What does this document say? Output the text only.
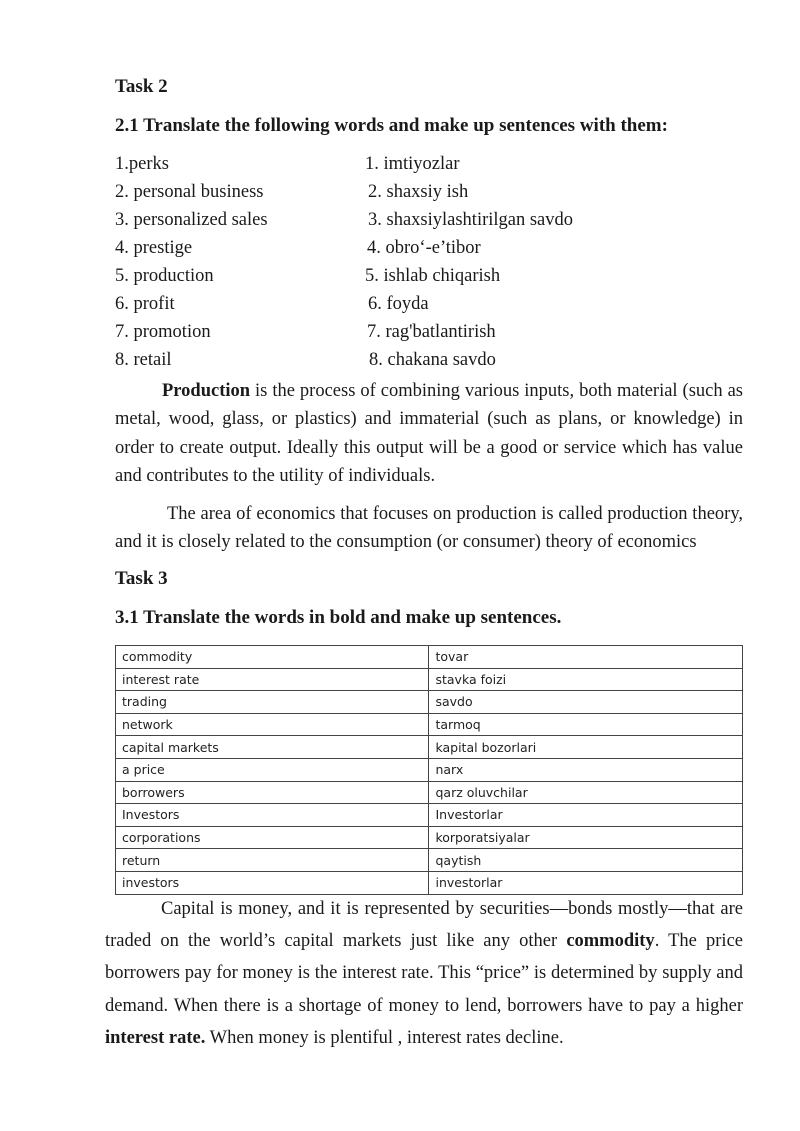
Task 2
2.1 Translate the following words and make up sentences with them:
1.perks	1. imtiyozlar
2. personal business	2. shaxsiy ish
3. personalized sales	3. shaxsiylashtirilgan savdo
4. prestige	4. obro‘-e’tibor
5. production	5. ishlab chiqarish
6. profit	6. foyda
7. promotion	7. rag'batlantirish
8. retail	8. chakana savdo

Production is the process of combining various inputs, both material (such as metal, wood, glass, or plastics) and immaterial (such as plans, or knowledge) in order to create output. Ideally this output will be a good or service which has value and contributes to the utility of individuals.

The area of economics that focuses on production is called production theory, and it is closely related to the consumption (or consumer) theory of economics

Task 3
3.1 Translate the words in bold and make up sentences.
commodity	tovar
interest rate	stavka foizi
trading	savdo
network	tarmoq
capital markets	kapital bozorlari
a price	narx
borrowers	qarz oluvchilar
Investors	Investorlar
corporations	korporatsiyalar
return	qaytish
investors	investorlar

Capital is money, and it is represented by securities—bonds mostly—that are traded on the world’s capital markets just like any other commodity. The price borrowers pay for money is the interest rate. This “price” is determined by supply and demand. When there is a shortage of money to lend, borrowers have to pay a higher interest rate. When money is plentiful , interest rates decline.
